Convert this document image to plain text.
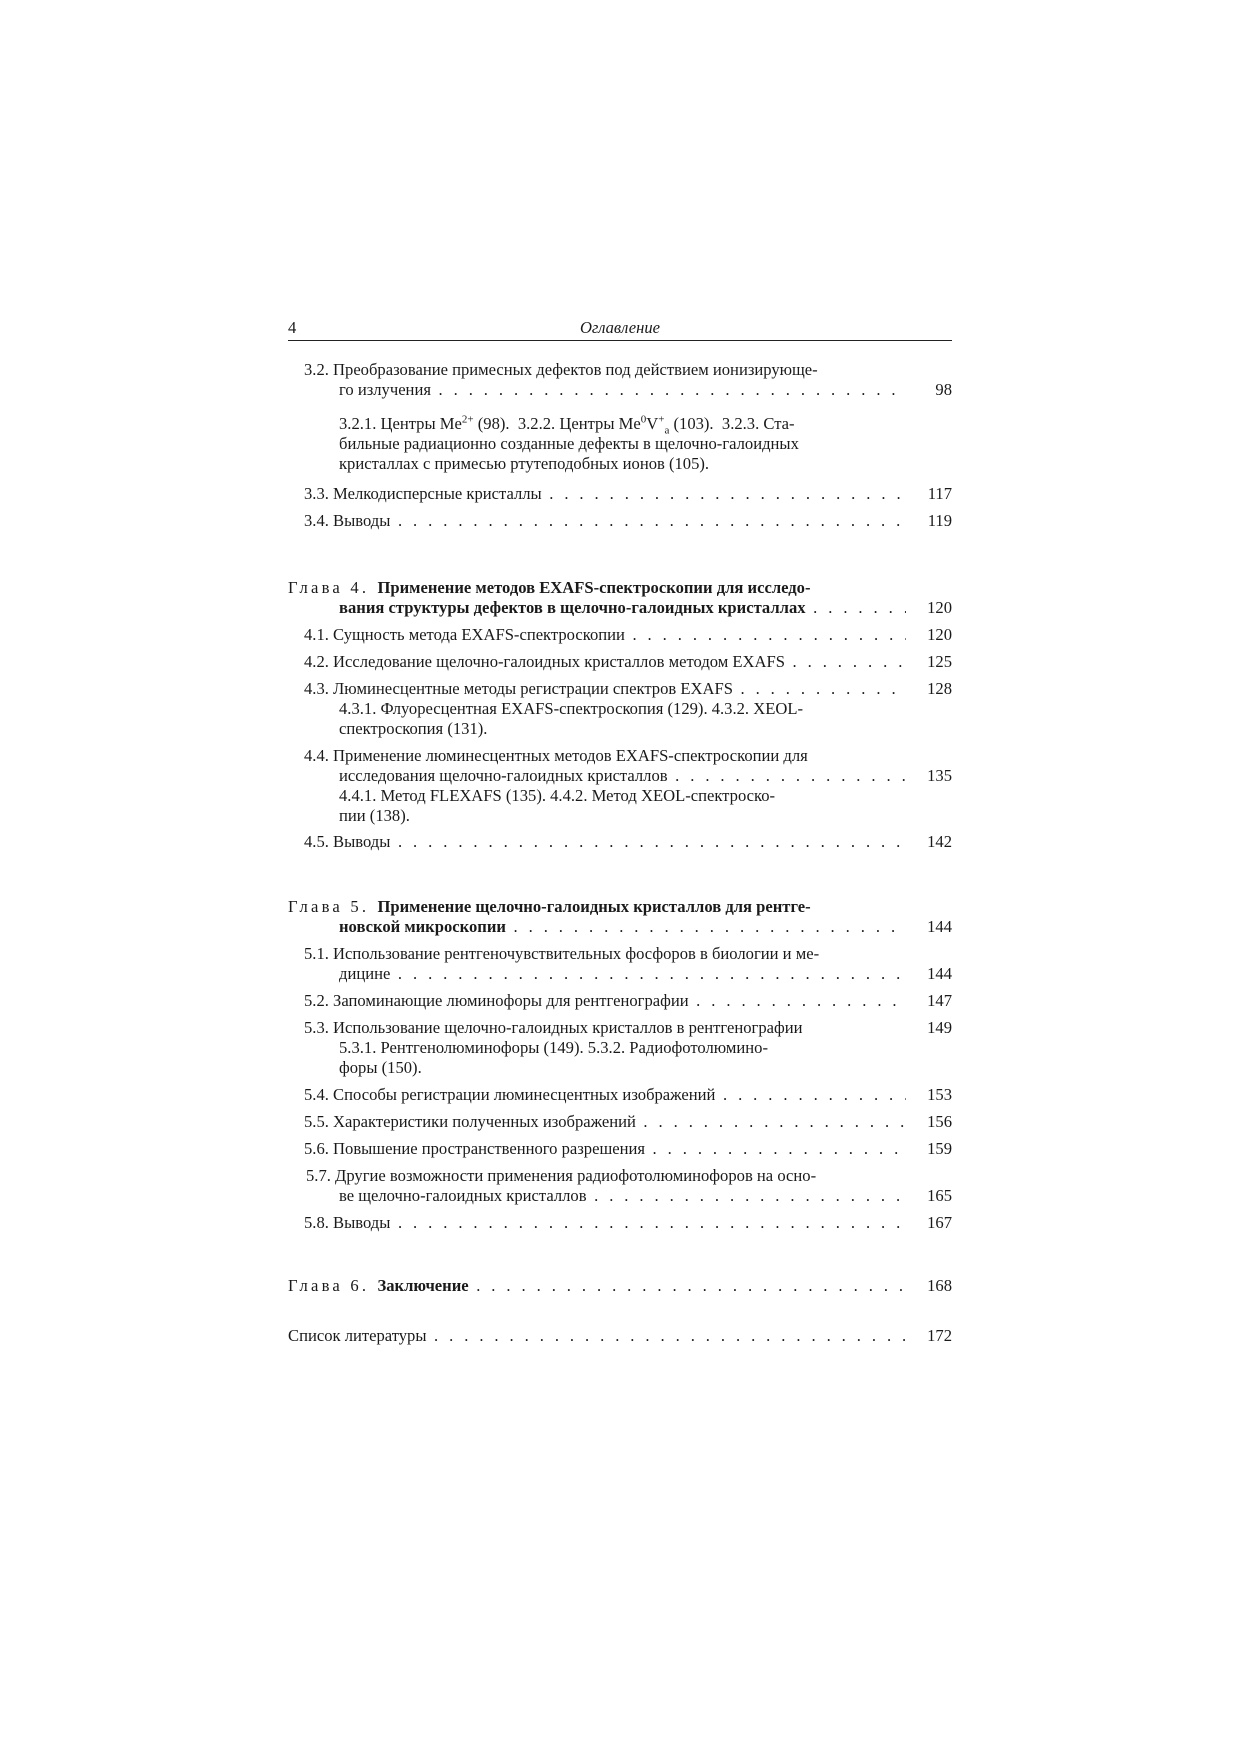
4	Оглавление
3.2. Преобразование примесных дефектов под действием ионизирующе-
го излучения . . .	98
3.2.1. Центры $Me^{2+}$ (98). 3.2.2. Центры $Me^0V^+_a$ (103). 3.2.3. Ста-
бильные радиационно созданные дефекты в щелочно-галоидных
кристаллах с примесью ртутеподобных ионов (105).
3.3. Мелкодисперсные кристаллы . . .	117
3.4. Выводы . . .	119
Глава 4. Применение методов EXAFS-спектроскопии для исследо-
вания структуры дефектов в щелочно-галоидных кристаллах . . .	120
4.1. Сущность метода EXAFS-спектроскопии . . .	120
4.2. Исследование щелочно-галоидных кристаллов методом EXAFS . . .	125
4.3. Люминесцентные методы регистрации спектров EXAFS . . .	128
4.3.1. Флуоресцентная EXAFS-спектроскопия (129). 4.3.2. XEOL-
спектроскопия (131).
4.4. Применение люминесцентных методов EXAFS-спектроскопии для
исследования щелочно-галоидных кристаллов . . .	135
4.4.1. Метод FLEXAFS (135). 4.4.2. Метод XEOL-спектроско-
пии (138).
4.5. Выводы . . .	142
Глава 5. Применение щелочно-галоидных кристаллов для рентге-
новской микроскопии . . .	144
5.1. Использование рентгеночувствительных фосфоров в биологии и ме-
дицине . . .	144
5.2. Запоминающие люминофоры для рентгенографии . . .	147
5.3. Использование щелочно-галоидных кристаллов в рентгенографии	149
5.3.1. Рентгенолюминофоры (149). 5.3.2. Радиофотолюмино-
форы (150).
5.4. Способы регистрации люминесцентных изображений . . .	153
5.5. Характеристики полученных изображений . . .	156
5.6. Повышение пространственного разрешения . . .	159
5.7. Другие возможности применения радиофотолюминофоров на осно-
ве щелочно-галоидных кристаллов . . .	165
5.8. Выводы . . .	167
Глава 6. Заключение . . .	168
Список литературы . . .	172
